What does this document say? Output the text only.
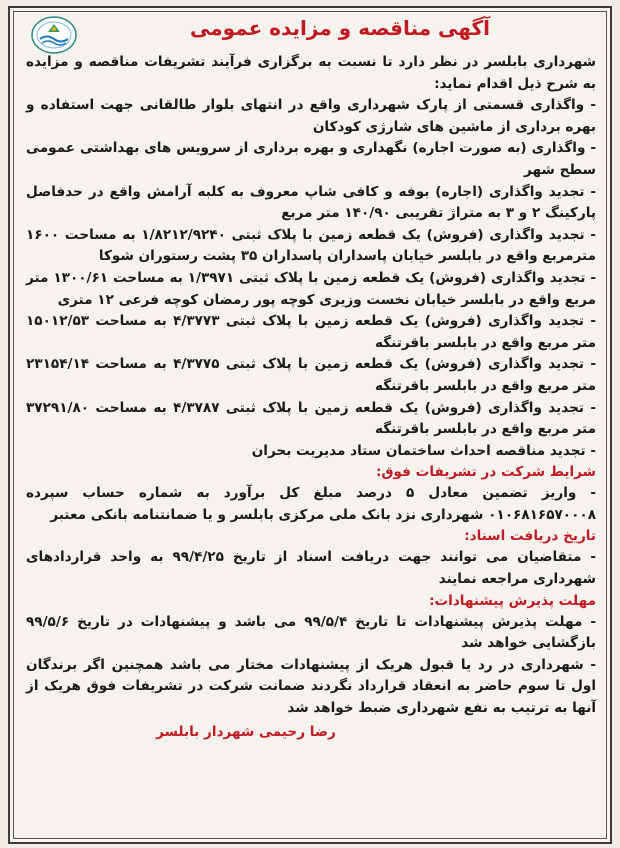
آگهی مناقصه و مزایده عمومی

شهرداری بابلسر در نظر دارد تا نسبت به برگزاری فرآیند تشریفات مناقصه و مزایده به شرح ذیل اقدام نماید:

- واگذاری قسمتی از پارک شهرداری واقع در انتهای بلوار طالقانی جهت استفاده و بهره برداری از ماشین های شارژی کودکان

- واگذاری (به صورت اجاره) نگهداری و بهره برداری از سرویس های بهداشتی عمومی سطح شهر

- تجدید واگذاری (اجاره) بوفه و کافی شاپ معروف به کلبه آرامش واقع در حدفاصل پارکینگ ۲ و ۳ به متراژ تقریبی ۱۴۰/۹۰ متر مربع

- تجدید واگذاری (فروش) یک قطعه زمین با پلاک ثبتی ۱/۸۲۱۲/۹۲۴۰ به مساحت ۱۶۰۰ مترمربع واقع در بابلسر خیابان پاسداران پاسداران ۳۵ پشت رستوران شوکا

- تجدید واگذاری (فروش) یک قطعه زمین با پلاک ثبتی ۱/۳۹۷۱ به مساحت ۱۳۰۰/۶۱ متر مربع واقع در بابلسر خیابان نخست وزیری کوچه پور رمضان کوچه فرعی ۱۲ متری

- تجدید واگذاری (فروش) یک قطعه زمین با پلاک ثبتی ۴/۳۷۷۳ به مساحت ۱۵۰۱۲/۵۳ متر مربع واقع در بابلسر باقرتنگه

- تجدید واگذاری (فروش) یک قطعه زمین با پلاک ثبتی ۴/۳۷۷۵ به مساحت ۲۳۱۵۴/۱۴ متر مربع واقع در بابلسر باقرتنگه

- تجدید واگذاری (فروش) یک قطعه زمین با پلاک ثبتی ۴/۳۷۸۷ به مساحت ۳۷۲۹۱/۸۰ متر مربع واقع در بابلسر باقرتنگه

- تجدید مناقصه احداث ساختمان ستاد مدیریت بحران

شرایط شرکت در تشریفات فوق:

- واریز تضمین معادل ۵ درصد مبلغ کل برآورد به شماره حساب سپرده ۰۱۰۶۸۱۶۵۷۰۰۰۸ شهرداری نزد بانک ملی مرکزی بابلسر و یا ضمانتنامه بانکی معتبر

تاریخ دریافت اسناد:

- متقاضیان می توانند جهت دریافت اسناد از تاریخ ۹۹/۴/۲۵ به واحد قراردادهای شهرداری مراجعه نمایند

مهلت پذیرش پیشنهادات:

- مهلت پذیرش پیشنهادات تا تاریخ ۹۹/۵/۴ می باشد و پیشنهادات در تاریخ ۹۹/۵/۶ بازگشایی خواهد شد

- شهرداری در رد یا قبول هریک از پیشنهادات مختار می باشد همچنین اگر برندگان اول تا سوم حاضر به انعقاد قرارداد نگردند ضمانت شرکت در تشریفات فوق هریک از آنها به ترتیب به نفع شهرداری ضبط خواهد شد

رضا رحیمی شهردار بابلسر
